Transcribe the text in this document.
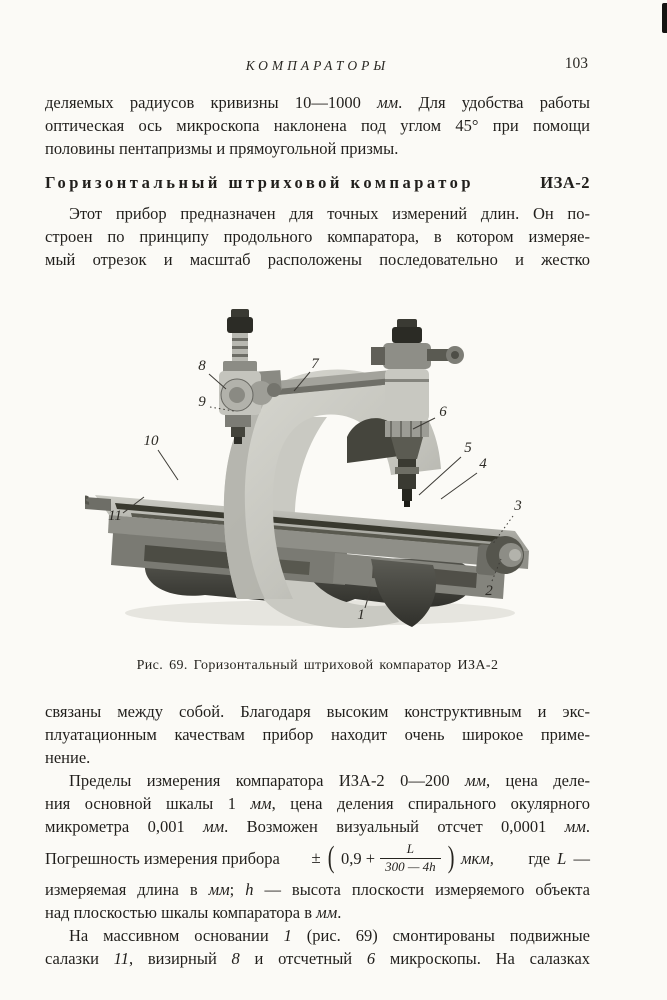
КОМПАРАТОРЫ	103
деляемых радиусов кривизны 10—1000 мм. Для удобства работы
оптическая ось микроскопа наклонена под углом 45° при помощи
половины пентапризмы и прямоугольной призмы.
Горизонтальный штриховой компаратор	ИЗА-2
Этот прибор предназначен для точных измерений длин. Он по-
строен по принципу продольного компаратора, в котором измеряе-
мый отрезок и масштаб расположены последовательно и жестко
1
2
3
4
5
6
7
8
9
10
11
Рис. 69. Горизонтальный штриховой компаратор ИЗА-2
связаны между собой. Благодаря высоким конструктивным и экс-
плуатационным качествам прибор находит очень широкое приме-
нение.
Пределы измерения компаратора ИЗА-2 0—200 мм, цена деле-
ния основной шкалы 1 мм, цена деления спирального окулярного
микрометра 0,001 мм. Возможен визуальный отсчет 0,0001 мм.
Погрешность измерения прибора ± ( $0,9 + \frac{L}{300 — 4h}$ ) мкм, где L —
измеряемая длина в мм; h — высота плоскости измеряемого объекта
над плоскостью шкалы компаратора в мм.
На массивном основании 1 (рис. 69) смонтированы подвижные
салазки 11, визирный 8 и отсчетный 6 микроскопы. На салазках
